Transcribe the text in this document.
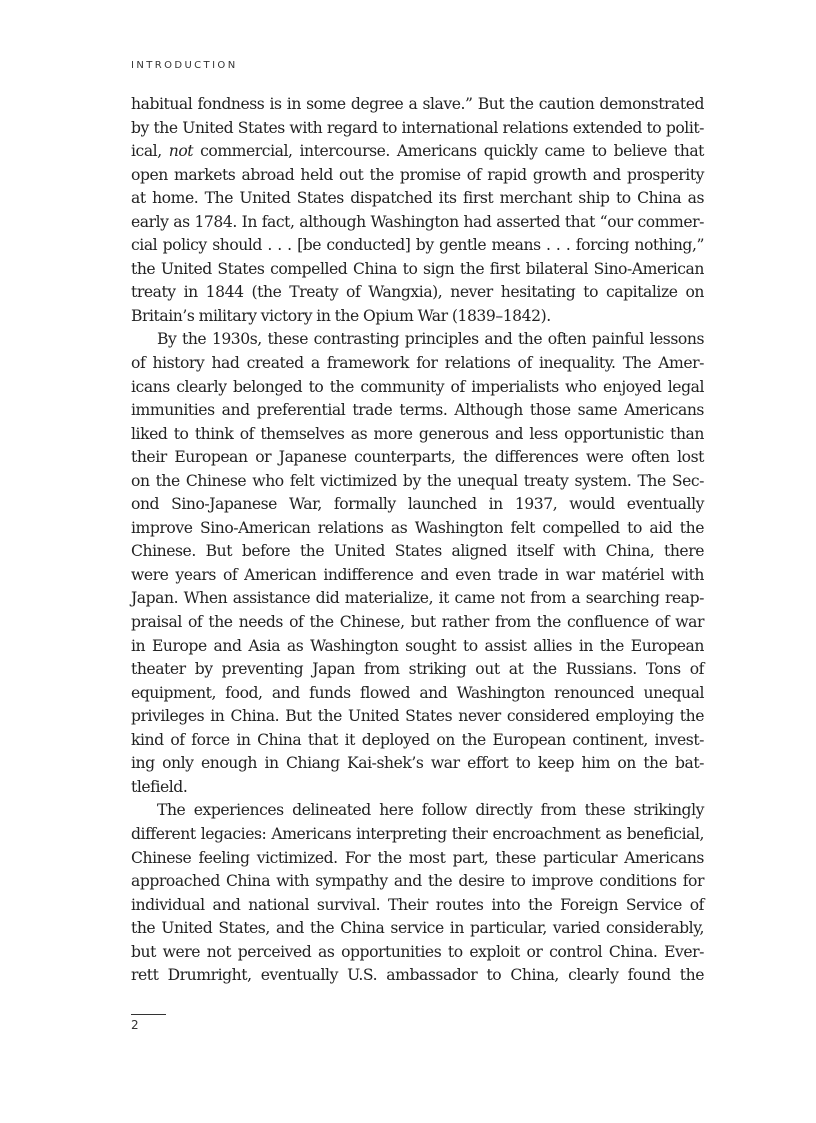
INTRODUCTION
habitual fondness is in some degree a slave.” But the caution demonstrated
by the United States with regard to international relations extended to polit-
ical, not commercial, intercourse. Americans quickly came to believe that
open markets abroad held out the promise of rapid growth and prosperity
at home. The United States dispatched its first merchant ship to China as
early as 1784. In fact, although Washington had asserted that “our commer-
cial policy should . . . [be conducted] by gentle means . . . forcing nothing,”
the United States compelled China to sign the first bilateral Sino-American
treaty in 1844 (the Treaty of Wangxia), never hesitating to capitalize on
Britain’s military victory in the Opium War (1839–1842).
By the 1930s, these contrasting principles and the often painful lessons
of history had created a framework for relations of inequality. The Amer-
icans clearly belonged to the community of imperialists who enjoyed legal
immunities and preferential trade terms. Although those same Americans
liked to think of themselves as more generous and less opportunistic than
their European or Japanese counterparts, the differences were often lost
on the Chinese who felt victimized by the unequal treaty system. The Sec-
ond Sino-Japanese War, formally launched in 1937, would eventually
improve Sino-American relations as Washington felt compelled to aid the
Chinese. But before the United States aligned itself with China, there
were years of American indifference and even trade in war matériel with
Japan. When assistance did materialize, it came not from a searching reap-
praisal of the needs of the Chinese, but rather from the confluence of war
in Europe and Asia as Washington sought to assist allies in the European
theater by preventing Japan from striking out at the Russians. Tons of
equipment, food, and funds flowed and Washington renounced unequal
privileges in China. But the United States never considered employing the
kind of force in China that it deployed on the European continent, invest-
ing only enough in Chiang Kai-shek’s war effort to keep him on the bat-
tlefield.
The experiences delineated here follow directly from these strikingly
different legacies: Americans interpreting their encroachment as beneficial,
Chinese feeling victimized. For the most part, these particular Americans
approached China with sympathy and the desire to improve conditions for
individual and national survival. Their routes into the Foreign Service of
the United States, and the China service in particular, varied considerably,
but were not perceived as opportunities to exploit or control China. Ever-
rett Drumright, eventually U.S. ambassador to China, clearly found the
2
